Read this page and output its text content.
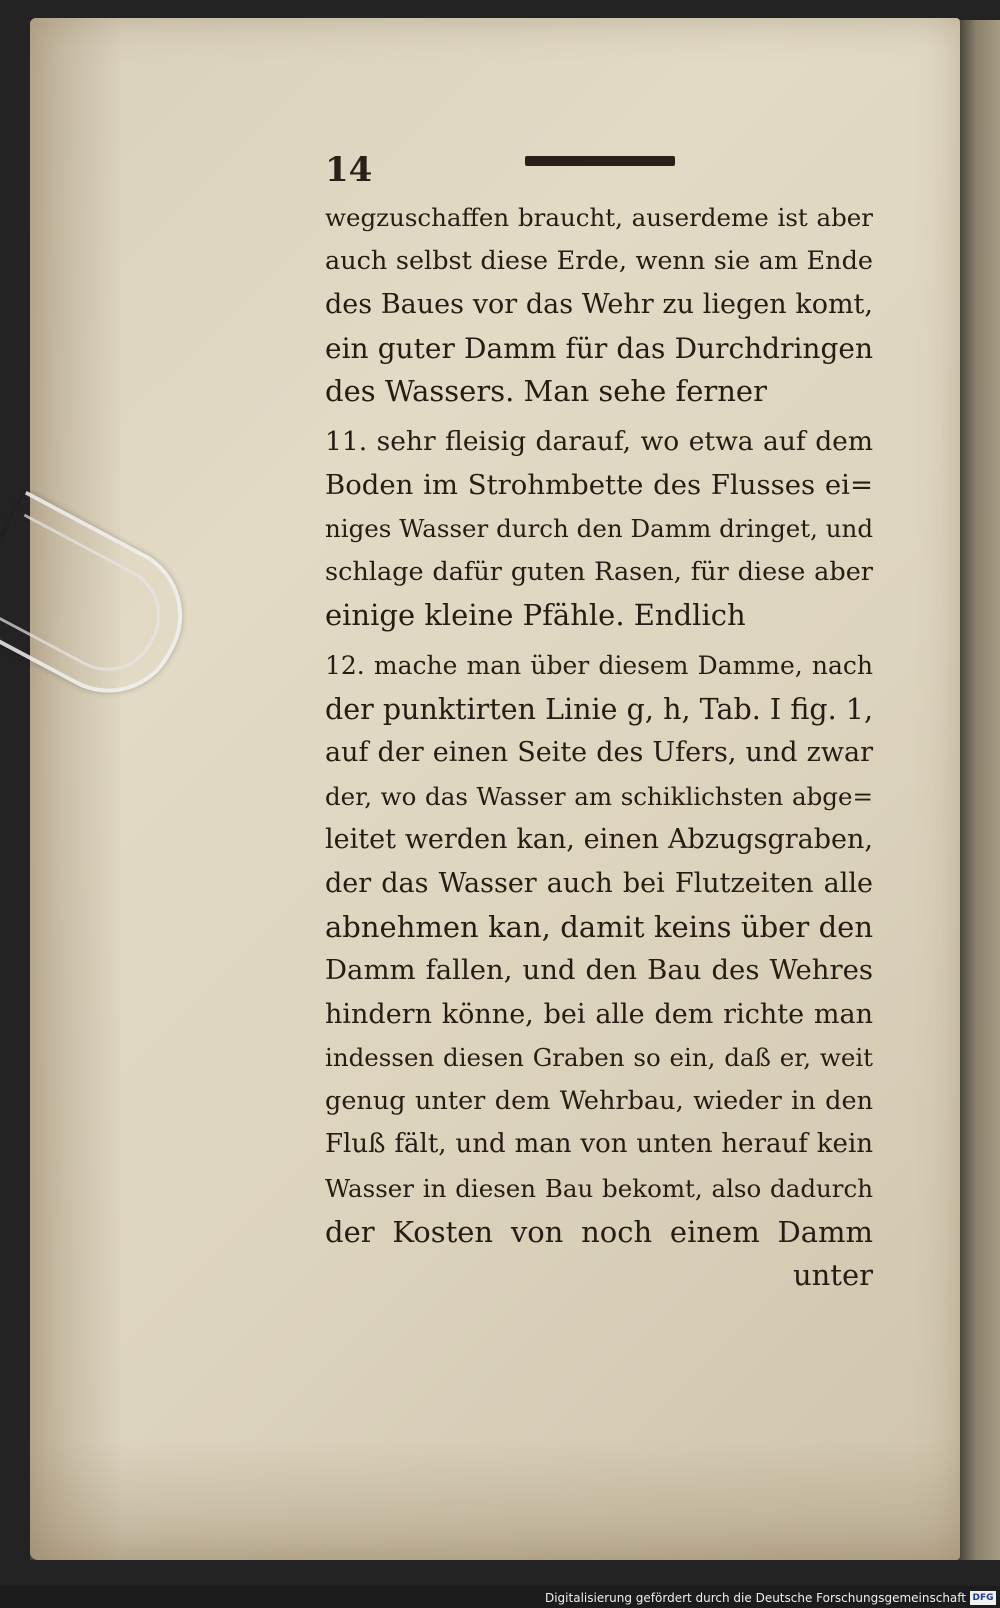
14
wegzuschaffen braucht, auserdeme ist aber
auch selbst diese Erde, wenn sie am Ende
des Baues vor das Wehr zu liegen komt,
ein guter Damm für das Durchdringen
des Wassers. Man sehe ferner
11. sehr fleisig darauf, wo etwa auf dem
Boden im Strohmbette des Flusses ei=
niges Wasser durch den Damm dringet, und
schlage dafür guten Rasen, für diese aber
einige kleine Pfähle. Endlich
12. mache man über diesem Damme, nach
der punktirten Linie g, h, Tab. I fig. 1,
auf der einen Seite des Ufers, und zwar
der, wo das Wasser am schiklichsten abge=
leitet werden kan, einen Abzugsgraben,
der das Wasser auch bei Flutzeiten alle
abnehmen kan, damit keins über den
Damm fallen, und den Bau des Wehres
hindern könne, bei alle dem richte man
indessen diesen Graben so ein, daß er, weit
genug unter dem Wehrbau, wieder in den
Fluß fält, und man von unten herauf kein
Wasser in diesen Bau bekomt, also dadurch
der Kosten von noch einem Damm
unter
Digitalisierung gefördert durch die Deutsche Forschungsgemeinschaft DFG
